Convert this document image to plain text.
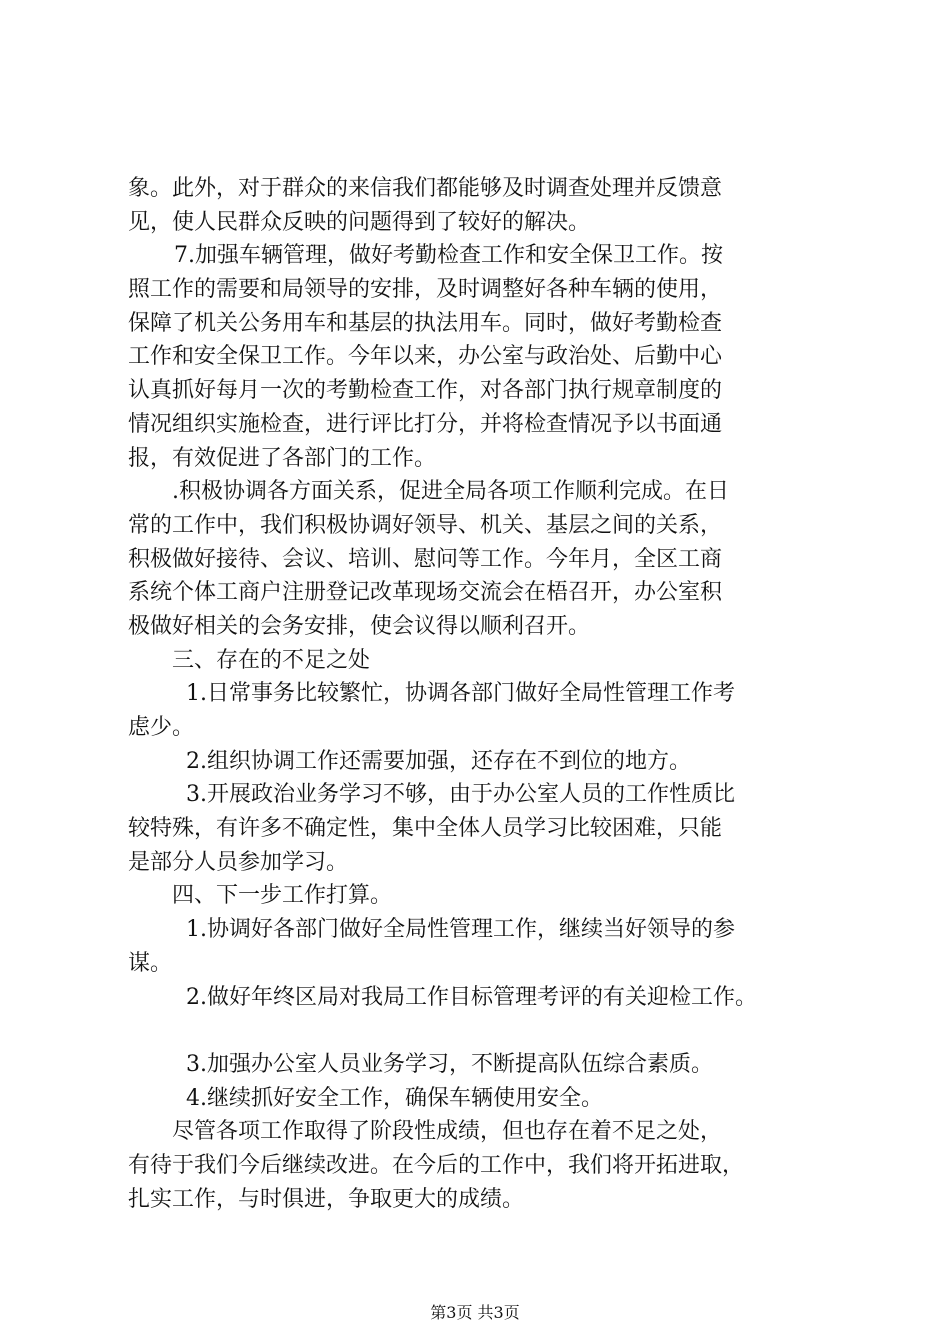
象。此外，对于群众的来信我们都能够及时调查处理并反馈意
见，使人民群众反映的问题得到了较好的解决。
7.加强车辆管理，做好考勤检查工作和安全保卫工作。按
照工作的需要和局领导的安排，及时调整好各种车辆的使用，
保障了机关公务用车和基层的执法用车。同时，做好考勤检查
工作和安全保卫工作。今年以来，办公室与政治处、后勤中心
认真抓好每月一次的考勤检查工作，对各部门执行规章制度的
情况组织实施检查，进行评比打分，并将检查情况予以书面通
报，有效促进了各部门的工作。
.积极协调各方面关系，促进全局各项工作顺利完成。在日
常的工作中，我们积极协调好领导、机关、基层之间的关系，
积极做好接待、会议、培训、慰问等工作。今年月，全区工商
系统个体工商户注册登记改革现场交流会在梧召开，办公室积
极做好相关的会务安排，使会议得以顺利召开。
三、存在的不足之处
1.日常事务比较繁忙，协调各部门做好全局性管理工作考
虑少。
2.组织协调工作还需要加强，还存在不到位的地方。
3.开展政治业务学习不够，由于办公室人员的工作性质比
较特殊，有许多不确定性，集中全体人员学习比较困难，只能
是部分人员参加学习。
四、下一步工作打算。
1.协调好各部门做好全局性管理工作，继续当好领导的参
谋。
2.做好年终区局对我局工作目标管理考评的有关迎检工作。
3.加强办公室人员业务学习，不断提高队伍综合素质。
4.继续抓好安全工作，确保车辆使用安全。
尽管各项工作取得了阶段性成绩，但也存在着不足之处，
有待于我们今后继续改进。在今后的工作中，我们将开拓进取，
扎实工作，与时俱进，争取更大的成绩。
第3页 共3页
